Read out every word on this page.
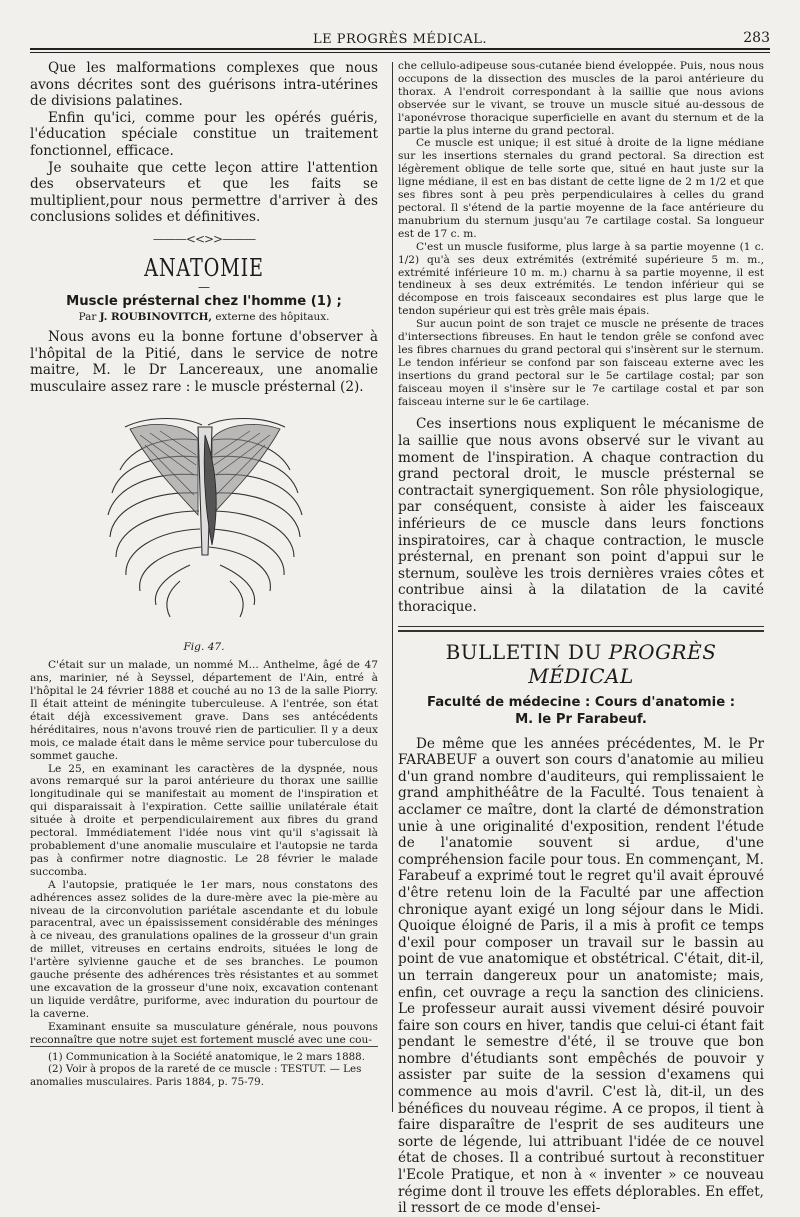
LE PROGRÈS MÉDICAL.	283

Que les malformations complexes que nous avons décrites sont des guérisons intra-utérines de divisions palatines.

Enfin qu'ici, comme pour les opérés guéris, l'éducation spéciale constitue un traitement fonctionnel, efficace.

Je souhaite que cette leçon attire l'attention des observateurs et que les faits se multiplient,pour nous permettre d'arriver à des conclusions solides et définitives.

———<<>>———
ANATOMIE
—
Muscle présternal chez l'homme (1) ;
Par J. ROUBINOVITCH, externe des hôpitaux.

Nous avons eu la bonne fortune d'observer à l'hôpital de la Pitié, dans le service de notre maitre, M. le Dr Lancereaux, une anomalie musculaire assez rare : le muscle présternal (2).

Fig. 47.

C'était sur un malade, un nommé M... Anthelme, âgé de 47 ans, marinier, né à Seyssel, département de l'Ain, entré à l'hôpital le 24 février 1888 et couché au no 13 de la salle Piorry. Il était atteint de méningite tuberculeuse. A l'entrée, son état était déjà excessivement grave. Dans ses antécédents héréditaires, nous n'avons trouvé rien de particulier. Il y a deux mois, ce malade était dans le même service pour tuberculose du sommet gauche.

Le 25, en examinant les caractères de la dyspnée, nous avons remarqué sur la paroi antérieure du thorax une saillie longitudinale qui se manifestait au moment de l'inspiration et qui disparaissait à l'expiration. Cette saillie unilatérale était située à droite et perpendiculairement aux fibres du grand pectoral. Immédiatement l'idée nous vint qu'il s'agissait là probablement d'une anomalie musculaire et l'autopsie ne tarda pas à confirmer notre diagnostic. Le 28 février le malade succomba.

A l'autopsie, pratiquée le 1er mars, nous constatons des adhérences assez solides de la dure-mère avec la pie-mère au niveau de la circonvolution pariétale ascendante et du lobule paracentral, avec un épaississement considérable des méninges à ce niveau, des granulations opalines de la grosseur d'un grain de millet, vitreuses en certains endroits, situées le long de l'artère sylvienne gauche et de ses branches. Le poumon gauche présente des adhérences très résistantes et au sommet une excavation de la grosseur d'une noix, excavation contenant un liquide verdâtre, puriforme, avec induration du pourtour de la caverne.

Examinant ensuite sa musculature générale, nous pouvons reconnaître que notre sujet est fortement musclé avec une cou-

(1) Communication à la Société anatomique, le 2 mars 1888.

(2) Voir à propos de la rareté de ce muscle : TESTUT. — Les anomalies musculaires. Paris 1884, p. 75-79.

che cellulo-adipeuse sous-cutanée biend éveloppée. Puis, nous nous occupons de la dissection des muscles de la paroi antérieure du thorax. A l'endroit correspondant à la saillie que nous avions observée sur le vivant, se trouve un muscle situé au-dessous de l'aponévrose thoracique superficielle en avant du sternum et de la partie la plus interne du grand pectoral.

Ce muscle est unique; il est situé à droite de la ligne médiane sur les insertions sternales du grand pectoral. Sa direction est légèrement oblique de telle sorte que, situé en haut juste sur la ligne médiane, il est en bas distant de cette ligne de 2 m 1/2 et que ses fibres sont à peu près perpendiculaires à celles du grand pectoral. Il s'étend de la partie moyenne de la face antérieure du manubrium du sternum jusqu'au 7e cartilage costal. Sa longueur est de 17 c. m.

C'est un muscle fusiforme, plus large à sa partie moyenne (1 c. 1/2) qu'à ses deux extrémités (extrémité supérieure 5 m. m., extrémité inférieure 10 m. m.) charnu à sa partie moyenne, il est tendineux à ses deux extrémités. Le tendon inférieur qui se décompose en trois faisceaux secondaires est plus large que le tendon supérieur qui est très grêle mais épais.

Sur aucun point de son trajet ce muscle ne présente de traces d'intersections fibreuses. En haut le tendon grêle se confond avec les fibres charnues du grand pectoral qui s'insèrent sur le sternum. Le tendon inférieur se confond par son faisceau externe avec les insertions du grand pectoral sur le 5e cartilage costal; par son faisceau moyen il s'insère sur le 7e cartilage costal et par son faisceau interne sur le 6e cartilage.

Ces insertions nous expliquent le mécanisme de la saillie que nous avons observé sur le vivant au moment de l'inspiration. A chaque contraction du grand pectoral droit, le muscle présternal se contractait synergiquement. Son rôle physiologique, par conséquent, consiste à aider les faisceaux inférieurs de ce muscle dans leurs fonctions inspiratoires, car à chaque contraction, le muscle présternal, en prenant son point d'appui sur le sternum, soulève les trois dernières vraies côtes et contribue ainsi à la dilatation de la cavité thoracique.

BULLETIN DU PROGRÈS MÉDICAL
Faculté de médecine : Cours d'anatomie :
M. le Pr Farabeuf.

De même que les années précédentes, M. le Pr FARABEUF a ouvert son cours d'anatomie au milieu d'un grand nombre d'auditeurs, qui remplissaient le grand amphithéâtre de la Faculté. Tous tenaient à acclamer ce maître, dont la clarté de démonstration unie à une originalité d'exposition, rendent l'étude de l'anatomie souvent si ardue, d'une compréhension facile pour tous. En commençant, M. Farabeuf a exprimé tout le regret qu'il avait éprouvé d'être retenu loin de la Faculté par une affection chronique ayant exigé un long séjour dans le Midi. Quoique éloigné de Paris, il a mis à profit ce temps d'exil pour composer un travail sur le bassin au point de vue anatomique et obstétrical. C'était, dit-il, un terrain dangereux pour un anatomiste; mais, enfin, cet ouvrage a reçu la sanction des cliniciens. Le professeur aurait aussi vivement désiré pouvoir faire son cours en hiver, tandis que celui-ci étant fait pendant le semestre d'été, il se trouve que bon nombre d'étudiants sont empêchés de pouvoir y assister par suite de la session d'examens qui commence au mois d'avril. C'est là, dit-il, un des bénéfices du nouveau régime. A ce propos, il tient à faire disparaître de l'esprit de ses auditeurs une sorte de légende, lui attribuant l'idée de ce nouvel état de choses. Il a contribué surtout à reconstituer l'Ecole Pratique, et non à « inventer » ce nouveau régime dont il trouve les effets déplorables. En effet, il ressort de ce mode d'ensei-
